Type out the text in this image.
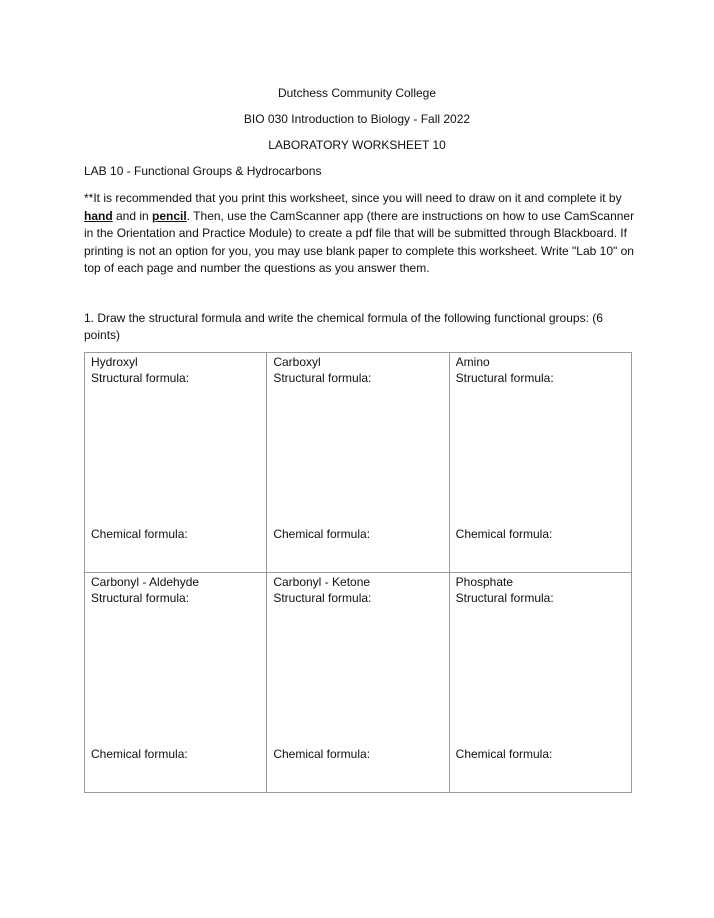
Dutchess Community College
BIO 030 Introduction to Biology - Fall 2022
LABORATORY WORKSHEET 10
LAB 10 - Functional Groups & Hydrocarbons
**It is recommended that you print this worksheet, since you will need to draw on it and complete it by hand and in pencil. Then, use the CamScanner app (there are instructions on how to use CamScanner in the Orientation and Practice Module) to create a pdf file that will be submitted through Blackboard. If printing is not an option for you, you may use blank paper to complete this worksheet. Write "Lab 10" on top of each page and number the questions as you answer them.
1. Draw the structural formula and write the chemical formula of the following functional groups: (6 points)
Hydroxyl
Structural formula:
Chemical formula:	Carboxyl
Structural formula:
Chemical formula:	Amino
Structural formula:
Chemical formula:

Carbonyl - Aldehyde
Structural formula:
Chemical formula:	Carbonyl - Ketone
Structural formula:
Chemical formula:	Phosphate
Structural formula:
Chemical formula:
